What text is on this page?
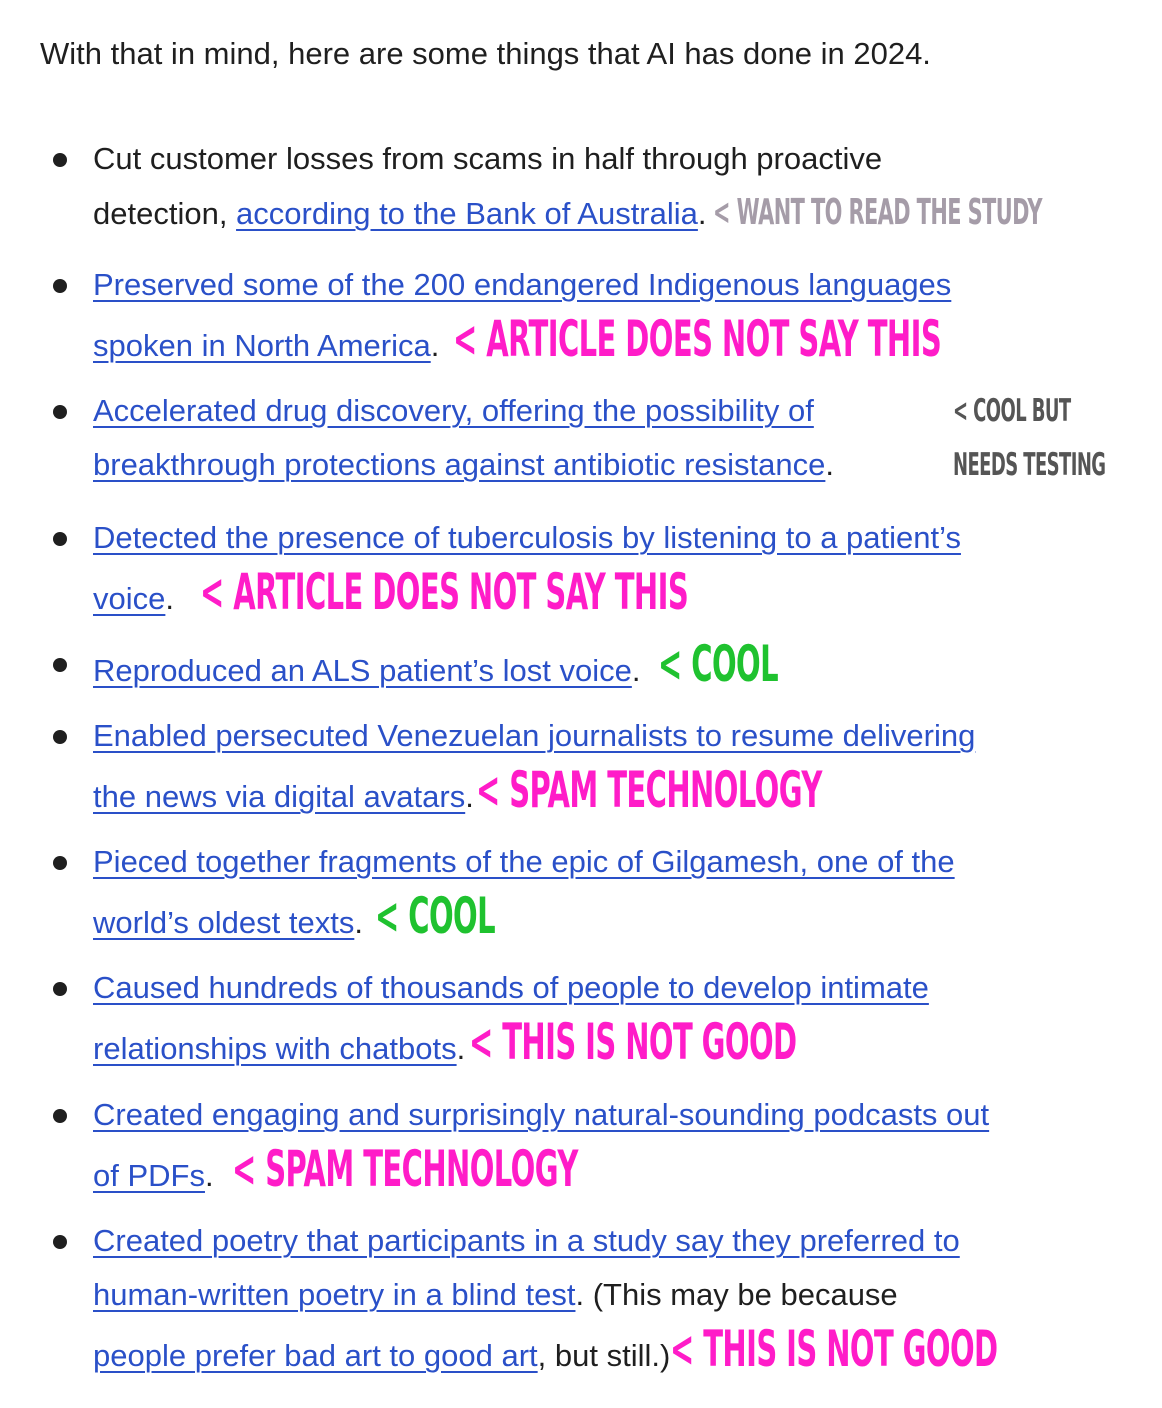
With that in mind, here are some things that AI has done in 2024.

Cut customer losses from scams in half through proactive
detection, according to the Bank of Australia. < WANT TO READ THE STUDY
Preserved some of the 200 endangered Indigenous languages
spoken in North America. < ARTICLE DOES NOT SAY THIS
Accelerated drug discovery, offering the possibility of
breakthrough protections against antibiotic resistance.
< COOL BUT
NEEDS TESTING
Detected the presence of tuberculosis by listening to a patient’s
voice. < ARTICLE DOES NOT SAY THIS
Reproduced an ALS patient’s lost voice. < COOL
Enabled persecuted Venezuelan journalists to resume delivering
the news via digital avatars.< SPAM TECHNOLOGY
Pieced together fragments of the epic of Gilgamesh, one of the
world’s oldest texts. < COOL
Caused hundreds of thousands of people to develop intimate
relationships with chatbots.< THIS IS NOT GOOD
Created engaging and surprisingly natural-sounding podcasts out
of PDFs. < SPAM TECHNOLOGY
Created poetry that participants in a study say they preferred to
human-written poetry in a blind test. (This may be because
people prefer bad art to good art, but still.)< THIS IS NOT GOOD
